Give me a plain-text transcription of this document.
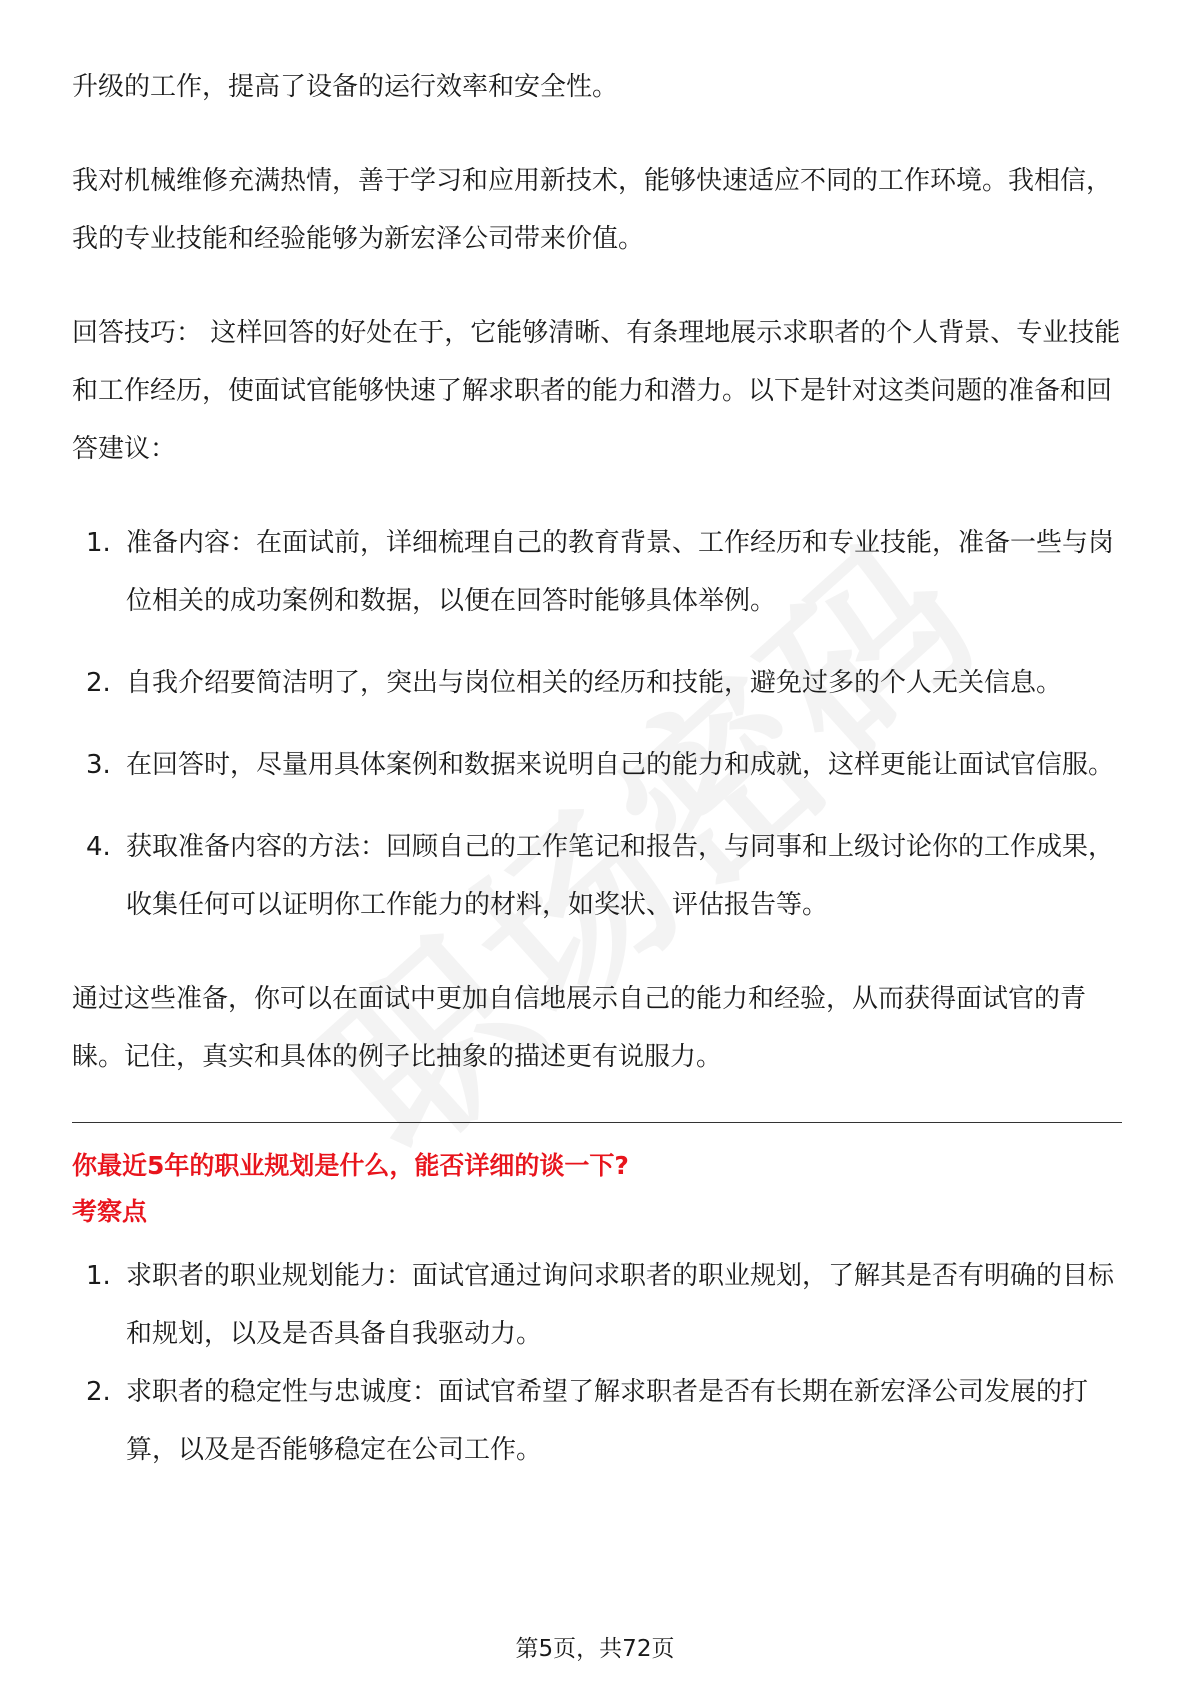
升级的工作，提高了设备的运行效率和安全性。

我对机械维修充满热情，善于学习和应用新技术，能够快速适应不同的工作环境。我相信，我的专业技能和经验能够为新宏泽公司带来价值。

回答技巧： 这样回答的好处在于，它能够清晰、有条理地展示求职者的个人背景、专业技能和工作经历，使面试官能够快速了解求职者的能力和潜力。以下是针对这类问题的准备和回答建议：

1. 准备内容：在面试前，详细梳理自己的教育背景、工作经历和专业技能，准备一些与岗位相关的成功案例和数据，以便在回答时能够具体举例。
2. 自我介绍要简洁明了，突出与岗位相关的经历和技能，避免过多的个人无关信息。
3. 在回答时，尽量用具体案例和数据来说明自己的能力和成就，这样更能让面试官信服。
4. 获取准备内容的方法：回顾自己的工作笔记和报告，与同事和上级讨论你的工作成果，收集任何可以证明你工作能力的材料，如奖状、评估报告等。

通过这些准备，你可以在面试中更加自信地展示自己的能力和经验，从而获得面试官的青睐。记住，真实和具体的例子比抽象的描述更有说服力。

你最近5年的职业规划是什么，能否详细的谈一下?
考察点
1. 求职者的职业规划能力：面试官通过询问求职者的职业规划，了解其是否有明确的目标和规划，以及是否具备自我驱动力。
2. 求职者的稳定性与忠诚度：面试官希望了解求职者是否有长期在新宏泽公司发展的打算，以及是否能够稳定在公司工作。
第5页，共72页
